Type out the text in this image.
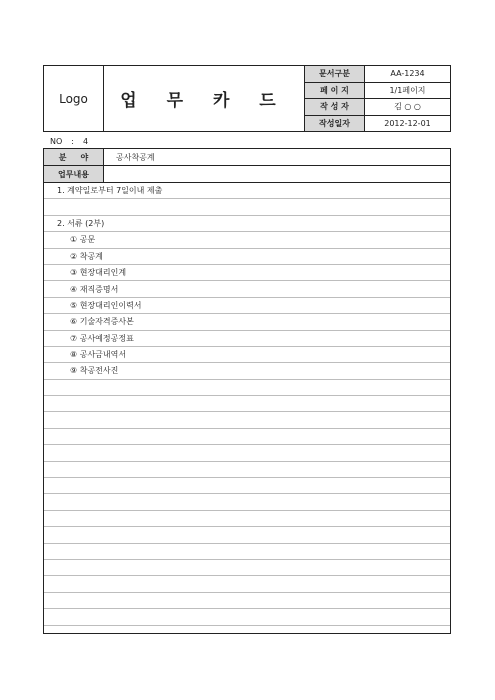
Logo	업 무 카 드
문서구분	AA-1234
페 이 지	1/1페이지
작 성 자	김 ○ ○
작성일자	2012-12-01
NO : 4
분     야	공사착공계
업무내용
1. 계약일로부터 7일이내 제출
2. 서류 (2부)
① 공문
② 착공계
③ 현장대리인계
④ 재직증명서
⑤ 현장대리인이력서
⑥ 기술자격증사본
⑦ 공사예정공정표
⑧ 공사금내역서
⑨ 착공전사진
